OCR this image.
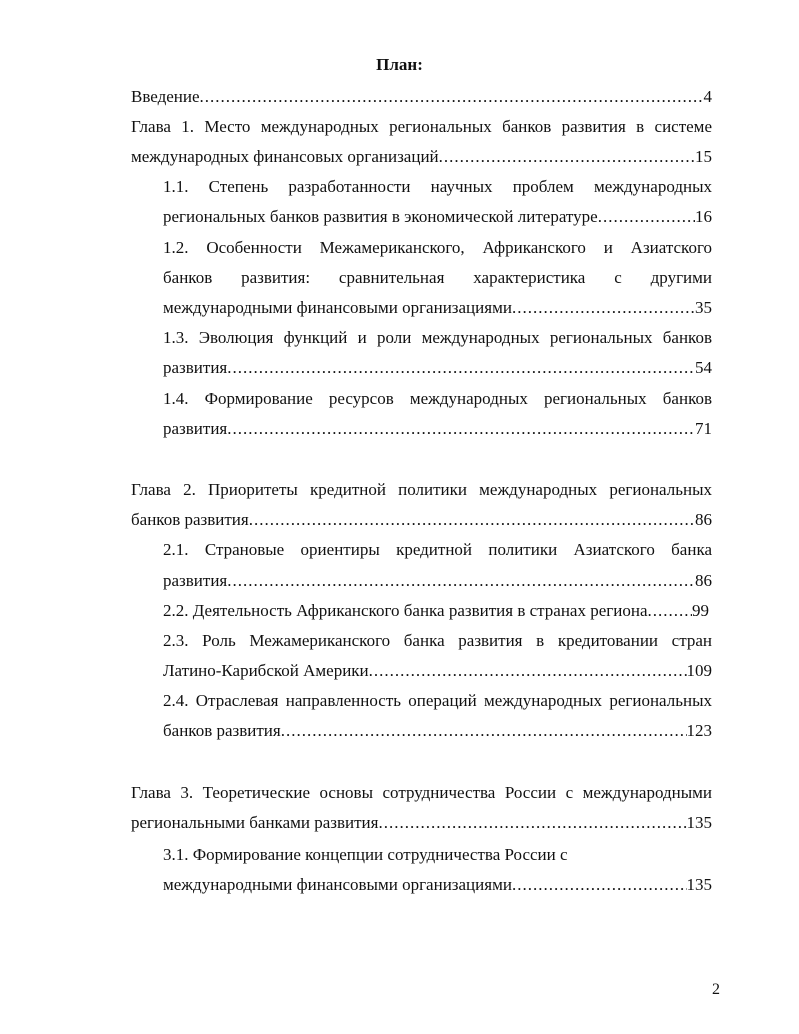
План:
Введение .....	4
Глава 1. Место международных региональных банков развития в системе
международных финансовых организаций .....	15
1.1. Степень разработанности научных проблем международных
региональных банков развития в экономической литературе .....	16
1.2. Особенности Межамериканского, Африканского и Азиатского
банков развития: сравнительная характеристика с другими
международными финансовыми организациями .....	35
1.3. Эволюция функций и роли международных региональных банков
развития .....	54
1.4. Формирование ресурсов международных региональных банков
развития .....	71
Глава 2. Приоритеты кредитной политики международных региональных
банков развития .....	86
2.1. Страновые ориентиры кредитной политики Азиатского банка
развития .....	86
2.2. Деятельность Африканского банка развития в странах региона .....	99
2.3. Роль Межамериканского банка развития в кредитовании стран
Латино-Карибской Америки .....	109
2.4. Отраслевая направленность операций международных региональных
банков развития .....	123
Глава 3. Теоретические основы сотрудничества России с международными
региональными банками развития .....	135
3.1. Формирование концепции сотрудничества России с
международными финансовыми организациями .....	135
2
